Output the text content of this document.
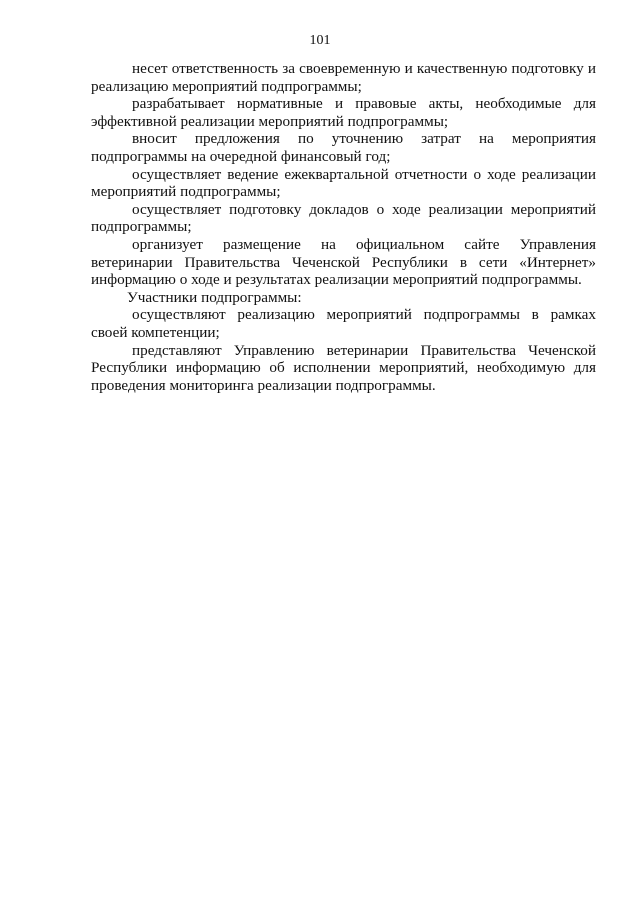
101

несет ответственность за своевременную и качественную подготовку и реализацию мероприятий подпрограммы;

разрабатывает нормативные и правовые акты, необходимые для эффективной реализации мероприятий подпрограммы;

вносит предложения по уточнению затрат на мероприятия подпрограммы на очередной финансовый год;

осуществляет ведение ежеквартальной отчетности о ходе реализации мероприятий подпрограммы;

осуществляет подготовку докладов о ходе реализации мероприятий подпрограммы;

организует размещение на официальном сайте Управления ветеринарии Правительства Чеченской Республики в сети «Интернет» информацию о ходе и результатах реализации мероприятий подпрограммы.

Участники подпрограммы:

осуществляют реализацию мероприятий подпрограммы в рамках своей компетенции;

представляют Управлению ветеринарии Правительства Чеченской Республики информацию об исполнении мероприятий, необходимую для проведения мониторинга реализации подпрограммы.
